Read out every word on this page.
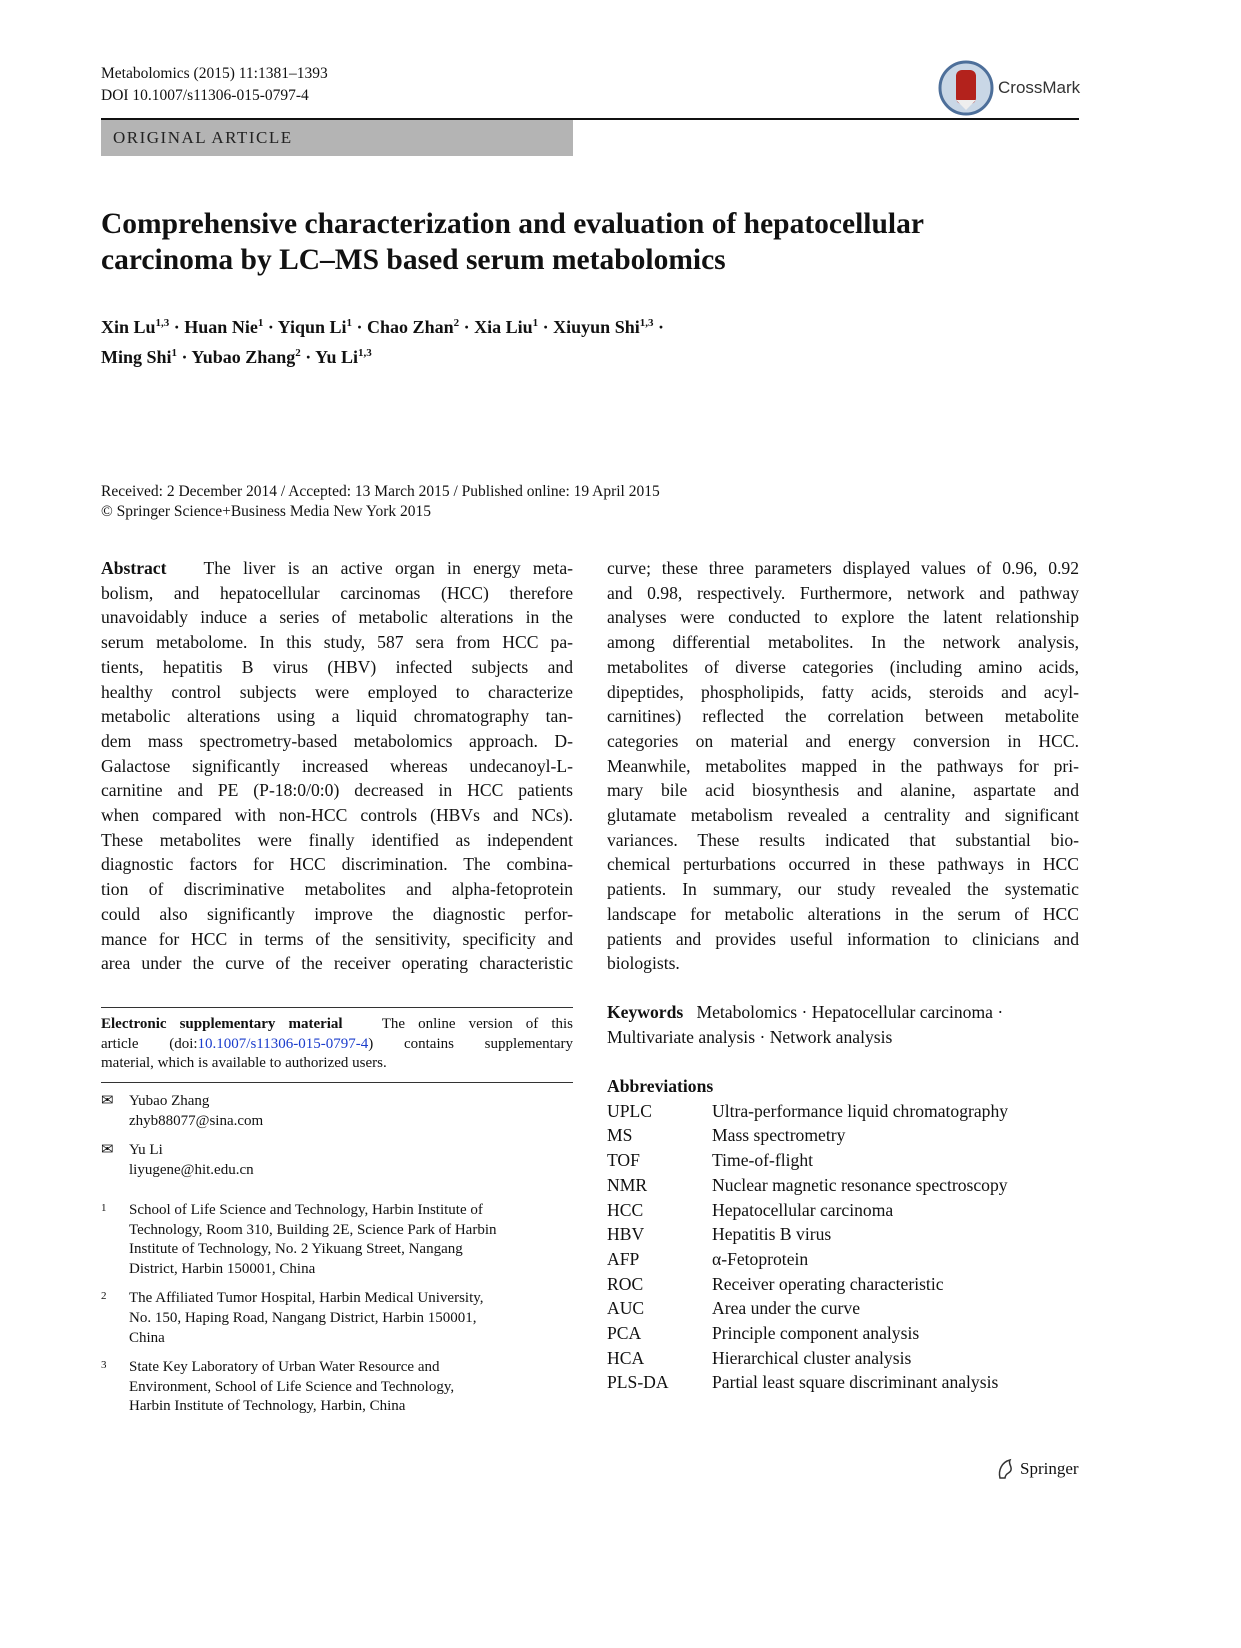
Metabolomics (2015) 11:1381–1393
DOI 10.1007/s11306-015-0797-4	CrossMark
ORIGINAL ARTICLE
Comprehensive characterization and evaluation of hepatocellular
carcinoma by LC–MS based serum metabolomics
Xin Lu$^{1,3}$ · Huan Nie$^1$ · Yiqun $Li^1$ · Chao Zhan$^2$ · Xia Liu$^1$ · Xiuyun Shi$^{1,3}$ ·
Ming Shi$^1$ · Yubao Zhang$^2$ · Yu Li$^{1,3}$
Received: 2 December 2014 / Accepted: 13 March 2015 / Published online: 19 April 2015
© Springer Science+Business Media New York 2015
Abstract The liver is an active organ in energy meta-
bolism, and hepatocellular carcinomas (HCC) therefore
unavoidably induce a series of metabolic alterations in the
serum metabolome. In this study, 587 sera from HCC pa-
tients, hepatitis B virus (HBV) infected subjects and
healthy control subjects were employed to characterize
metabolic alterations using a liquid chromatography tan-
dem mass spectrometry-based metabolomics approach. D-
Galactose significantly increased whereas undecanoyl-L-
carnitine and PE (P-18:0/0:0) decreased in HCC patients
when compared with non-HCC controls (HBVs and NCs).
These metabolites were finally identified as independent
diagnostic factors for HCC discrimination. The combina-
tion of discriminative metabolites and alpha-fetoprotein
could also significantly improve the diagnostic perfor-
mance for HCC in terms of the sensitivity, specificity and
area under the curve of the receiver operating characteristic
curve; these three parameters displayed values of 0.96, 0.92
and 0.98, respectively. Furthermore, network and pathway
analyses were conducted to explore the latent relationship
among differential metabolites. In the network analysis,
metabolites of diverse categories (including amino acids,
dipeptides, phospholipids, fatty acids, steroids and acyl-
carnitines) reflected the correlation between metabolite
categories on material and energy conversion in HCC.
Meanwhile, metabolites mapped in the pathways for pri-
mary bile acid biosynthesis and alanine, aspartate and
glutamate metabolism revealed a centrality and significant
variances. These results indicated that substantial bio-
chemical perturbations occurred in these pathways in HCC
patients. In summary, our study revealed the systematic
landscape for metabolic alterations in the serum of HCC
patients and provides useful information to clinicians and
biologists.
Keywords Metabolomics · Hepatocellular carcinoma ·
Multivariate analysis · Network analysis
Abbreviations
UPLC	Ultra-performance liquid chromatography
MS	Mass spectrometry
TOF	Time-of-flight
NMR	Nuclear magnetic resonance spectroscopy
HCC	Hepatocellular carcinoma
HBV	Hepatitis B virus
AFP	α-Fetoprotein
ROC	Receiver operating characteristic
AUC	Area under the curve
PCA	Principle component analysis
HCA	Hierarchical cluster analysis
PLS-DA	Partial least square discriminant analysis
Electronic supplementary material	The online version of this
article (doi:10.1007/s11306-015-0797-4) contains supplementary
material, which is available to authorized users.
✉ Yubao Zhang
zhyb88077@sina.com
✉ Yu Li
liyugene@hit.edu.cn
1 School of Life Science and Technology, Harbin Institute of
Technology, Room 310, Building 2E, Science Park of Harbin
Institute of Technology, No. 2 Yikuang Street, Nangang
District, Harbin 150001, China
2 The Affiliated Tumor Hospital, Harbin Medical University,
No. 150, Haping Road, Nangang District, Harbin 150001,
China
3 State Key Laboratory of Urban Water Resource and
Environment, School of Life Science and Technology,
Harbin Institute of Technology, Harbin, China
Springer
